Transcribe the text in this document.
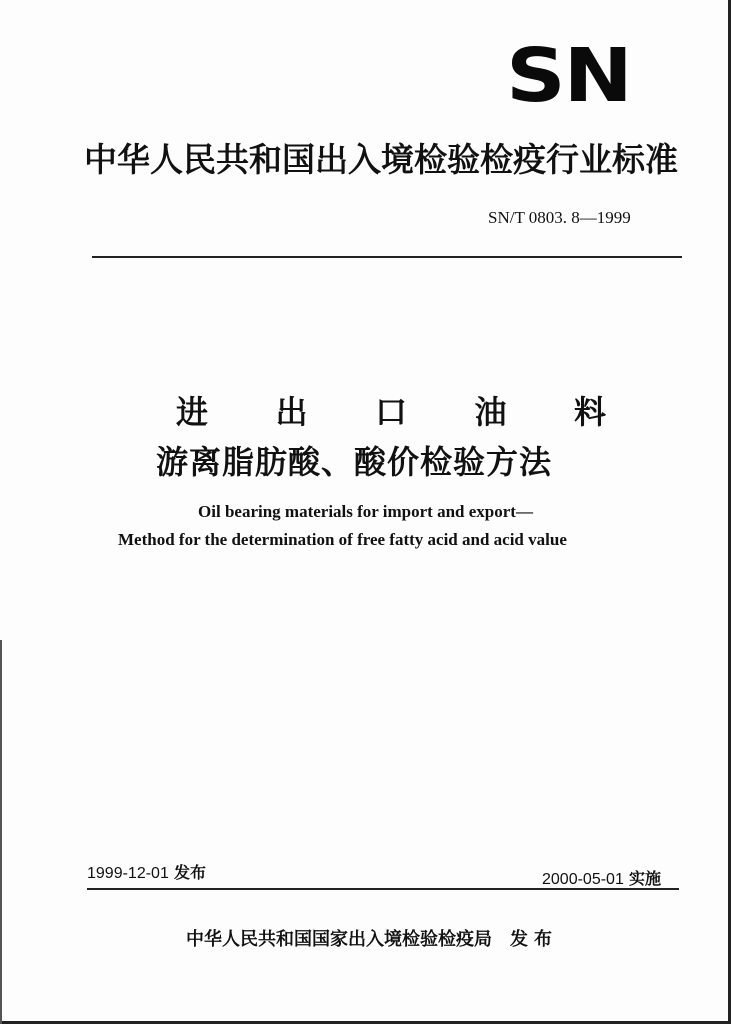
SN
中华人民共和国出入境检验检疫行业标准
SN/T 0803. 8—1999
进 出 口 油 料
游离脂肪酸、酸价检验方法
Oil bearing materials for import and export—
Method for the determination of free fatty acid and acid value
1999-12-01 发布	2000-05-01 实施
中华人民共和国国家出入境检验检疫局 发布
